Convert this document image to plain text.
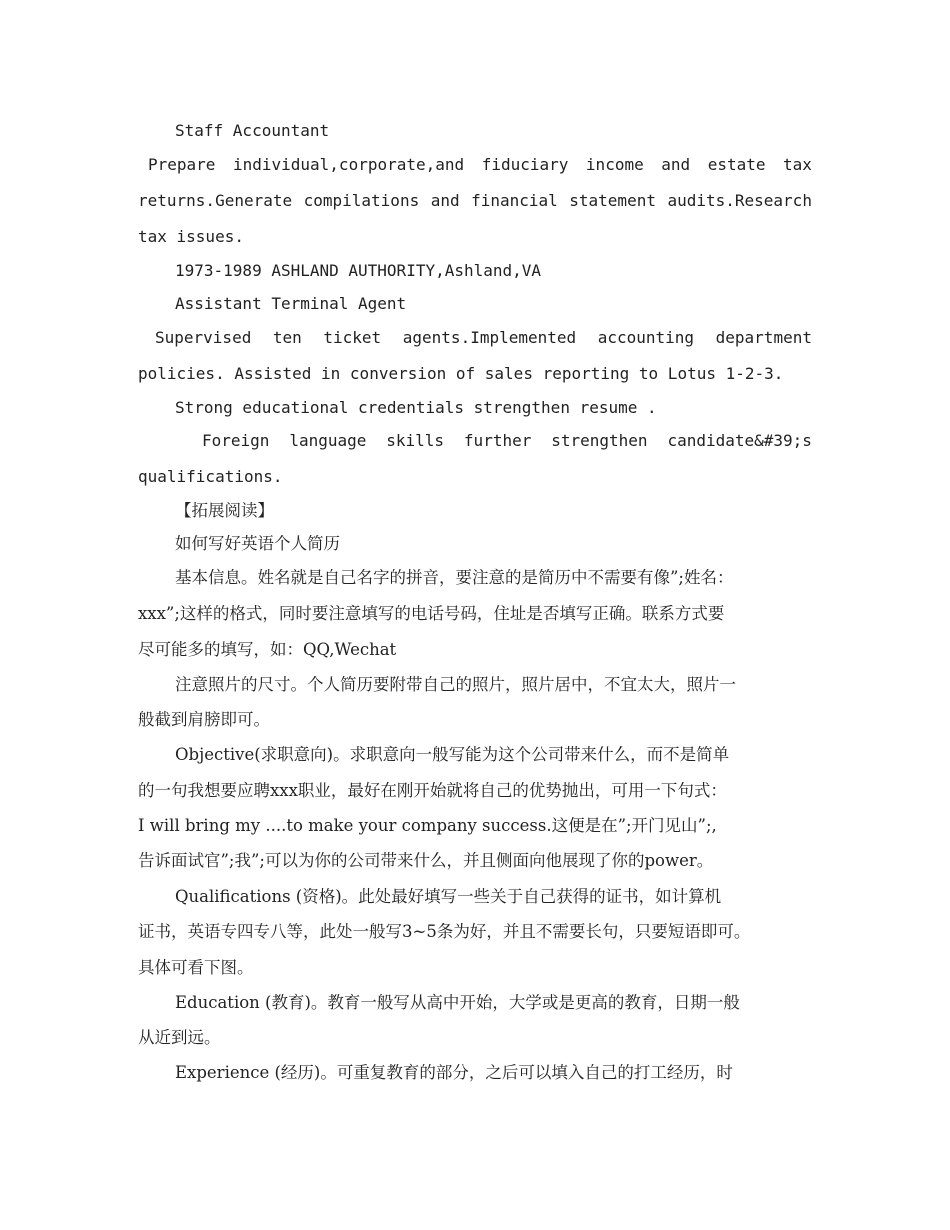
Staff Accountant
Prepare individual,corporate,and fiduciary income and estate tax
returns.Generate compilations and financial statement audits.Research
tax issues.
1973-1989 ASHLAND AUTHORITY,Ashland,VA
Assistant Terminal Agent
Supervised ten ticket agents.Implemented accounting department
policies. Assisted in conversion of sales reporting to Lotus 1-2-3.
Strong educational credentials strengthen resume .
Foreign language skills further strengthen candidate&#39;s
qualifications.
【拓展阅读】
如何写好英语个人简历
基本信息。姓名就是自己名字的拼音，要注意的是简历中不需要有像”;姓名：
xxx”;这样的格式，同时要注意填写的电话号码，住址是否填写正确。联系方式要
尽可能多的填写，如：QQ,Wechat
注意照片的尺寸。个人简历要附带自己的照片，照片居中，不宜太大，照片一
般截到肩膀即可。
Objective(求职意向)。求职意向一般写能为这个公司带来什么，而不是简单
的一句我想要应聘xxx职业，最好在刚开始就将自己的优势抛出，可用一下句式：
I will bring my ....to make your company success.这便是在”;开门见山”;,
告诉面试官”;我”;可以为你的公司带来什么，并且侧面向他展现了你的power。
Qualifications (资格)。此处最好填写一些关于自己获得的证书，如计算机
证书，英语专四专八等，此处一般写3~5条为好，并且不需要长句，只要短语即可。
具体可看下图。
Education (教育)。教育一般写从高中开始，大学或是更高的教育，日期一般
从近到远。
Experience (经历)。可重复教育的部分，之后可以填入自己的打工经历，时
